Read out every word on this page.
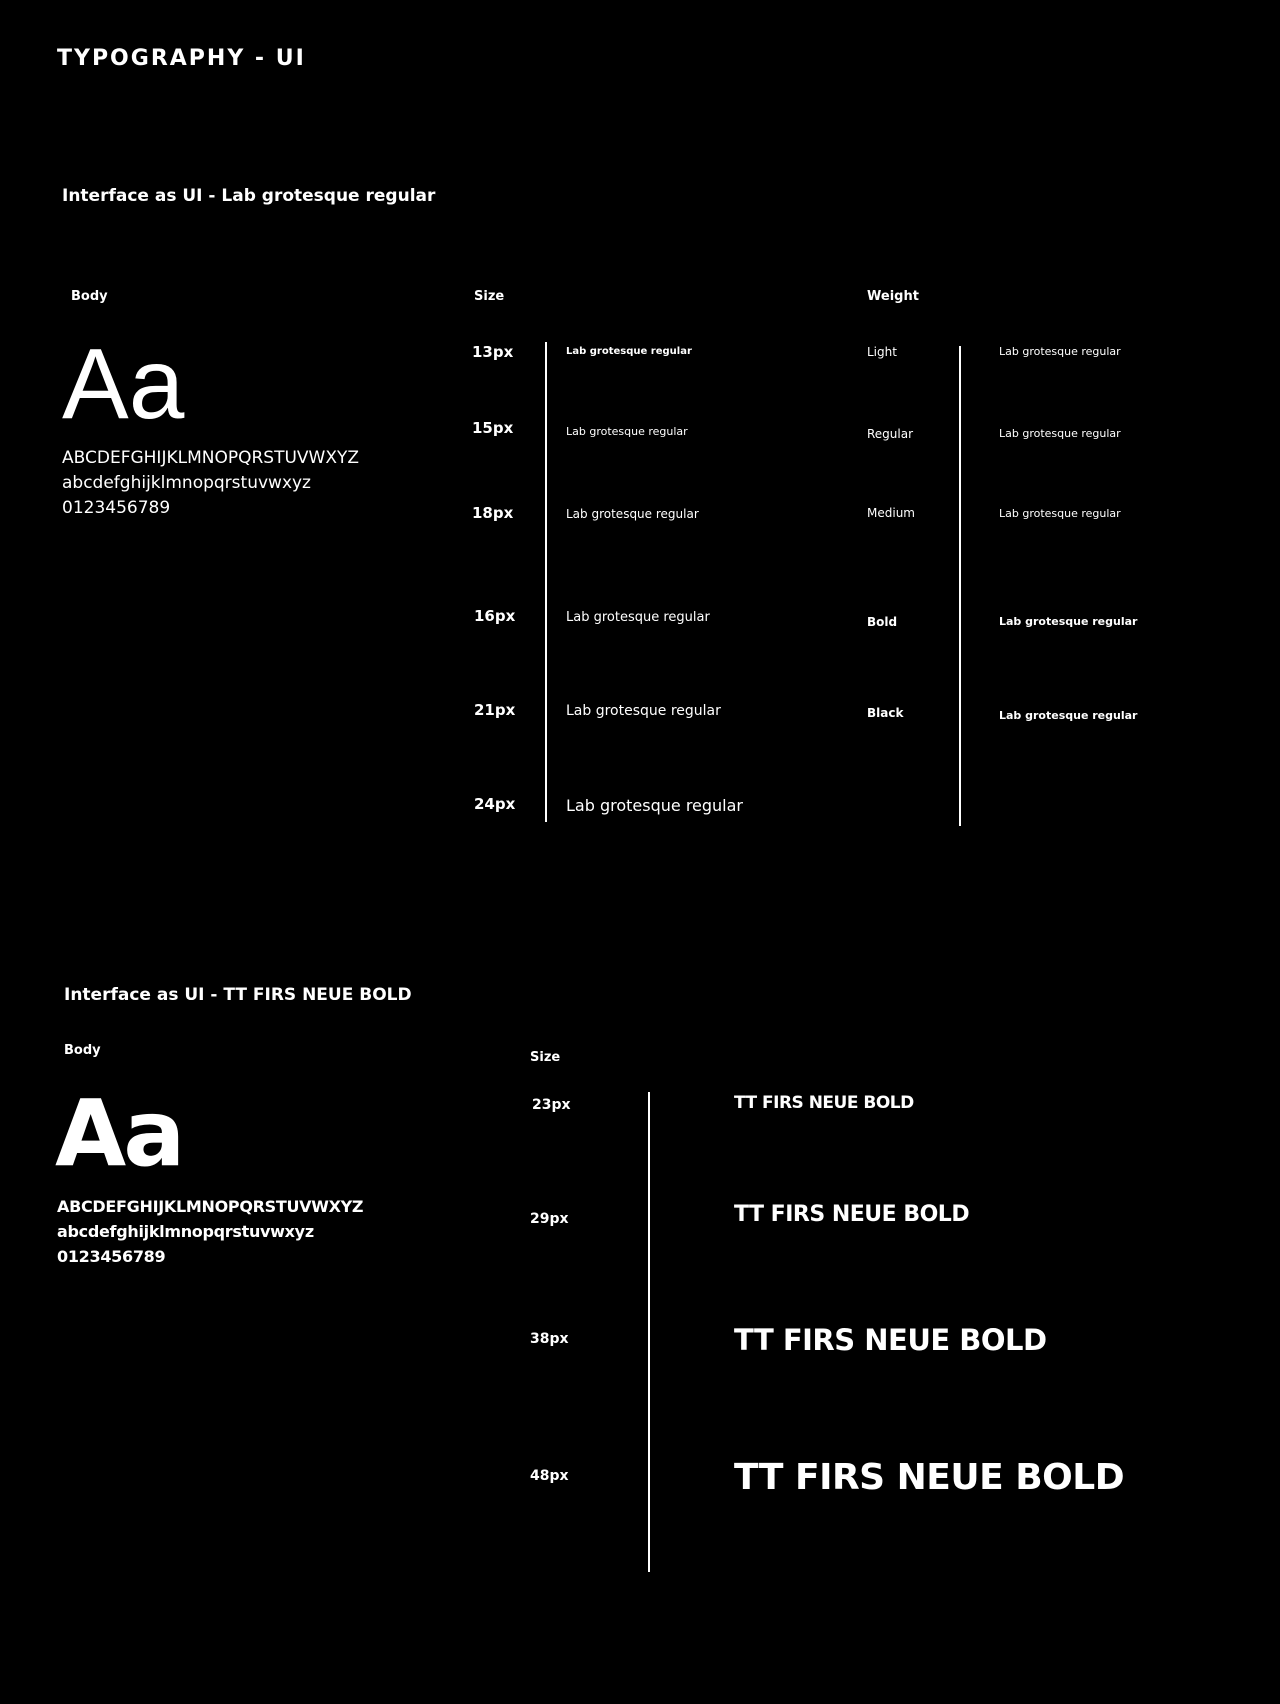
TYPOGRAPHY - UI
Interface as UI - Lab grotesque regular
Body	Size	Weight
Aa
ABCDEFGHIJKLMNOPQRSTUVWXYZ
abcdefghijklmnopqrstuvwxyz
0123456789
13px	Lab grotesque regular
15px	Lab grotesque regular
18px	Lab grotesque regular
16px	Lab grotesque regular
21px	Lab grotesque regular
24px	Lab grotesque regular
Light	Lab grotesque regular
Regular	Lab grotesque regular
Medium	Lab grotesque regular
Bold	Lab grotesque regular
Black	Lab grotesque regular
Interface as UI - TT FIRS NEUE BOLD
Body	Size
Aa
ABCDEFGHIJKLMNOPQRSTUVWXYZ
abcdefghijklmnopqrstuvwxyz
0123456789
23px	TT FIRS NEUE BOLD
29px	TT FIRS NEUE BOLD
38px	TT FIRS NEUE BOLD
48px	TT FIRS NEUE BOLD
